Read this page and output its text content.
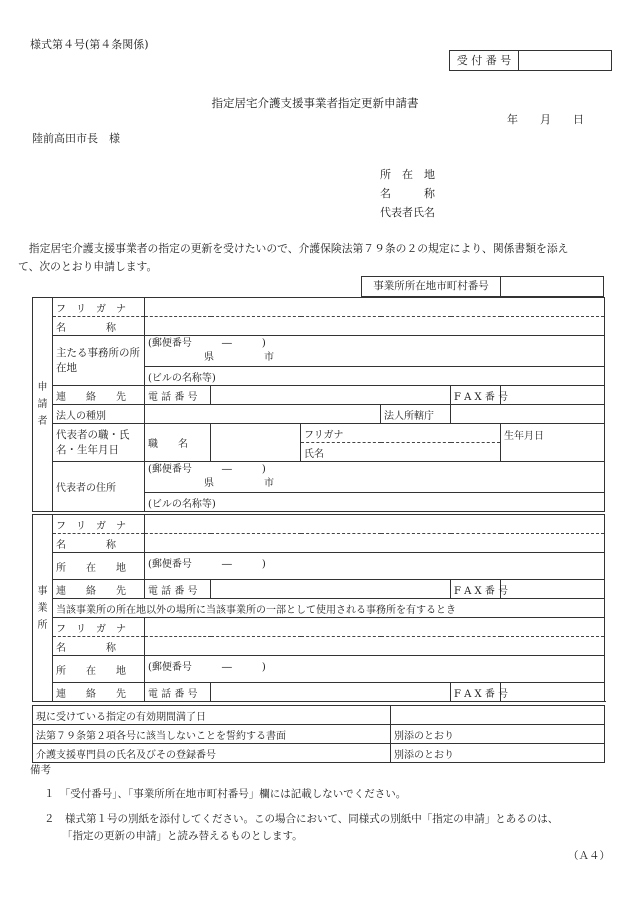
様式第４号(第４条関係)
受 付 番 号
指定居宅介護支援事業者指定更新申請書
年　　月　　日
陸前高田市長　様
所　在　地
名　　　称
代表者氏名
　指定居宅介護支援事業者の指定の更新を受けたいので、介護保険法第７９条の２の規定により、関係書類を添え
て、次のとおり申請します。
事業所所在地市町村番号
申
請
者	フ　リ　ガ　ナ						
	名　　　　称						
	主たる事務所の所在地	(郵便番号　　　―　　　)
県　　　　　市					

		(ビルの名称等)					
	連　　絡　　先	電 話 番 号				F A X 番 号	
	法人の種別				法人所轄庁		
	代表者の職・氏名・生年月日	職　　名		フリガナ			生年月日
				氏名			
	代表者の住所	(郵便番号　　　―　　　)
県　　　　　市					

		(ビルの名称等)					
事
業
所	フ　リ　ガ　ナ				
	名　　　　称				
	所　　在　　地	(郵便番号　　　―　　　)			
	連　　絡　　先	電 話 番 号		F A X 番 号	
	当該事業所の所在地以外の場所に当該事業所の一部として使用される事務所を有するとき				
	フ　リ　ガ　ナ				
	名　　　　称				
	所　　在　　地	(郵便番号　　　―　　　)			
	連　　絡　　先	電 話 番 号		F A X 番 号	
現に受けている指定の有効期間満了日	
法第７９条第２項各号に該当しないことを誓約する書面	別添のとおり
介護支援専門員の氏名及びその登録番号	別添のとおり
備考
１　「受付番号」、「事業所所在地市町村番号」欄には記載しないでください。
２　様式第１号の別紙を添付してください。この場合において、同様式の別紙中「指定の申請」とあるのは、
「指定の更新の申請」と読み替えるものとします。
（Ａ４）
